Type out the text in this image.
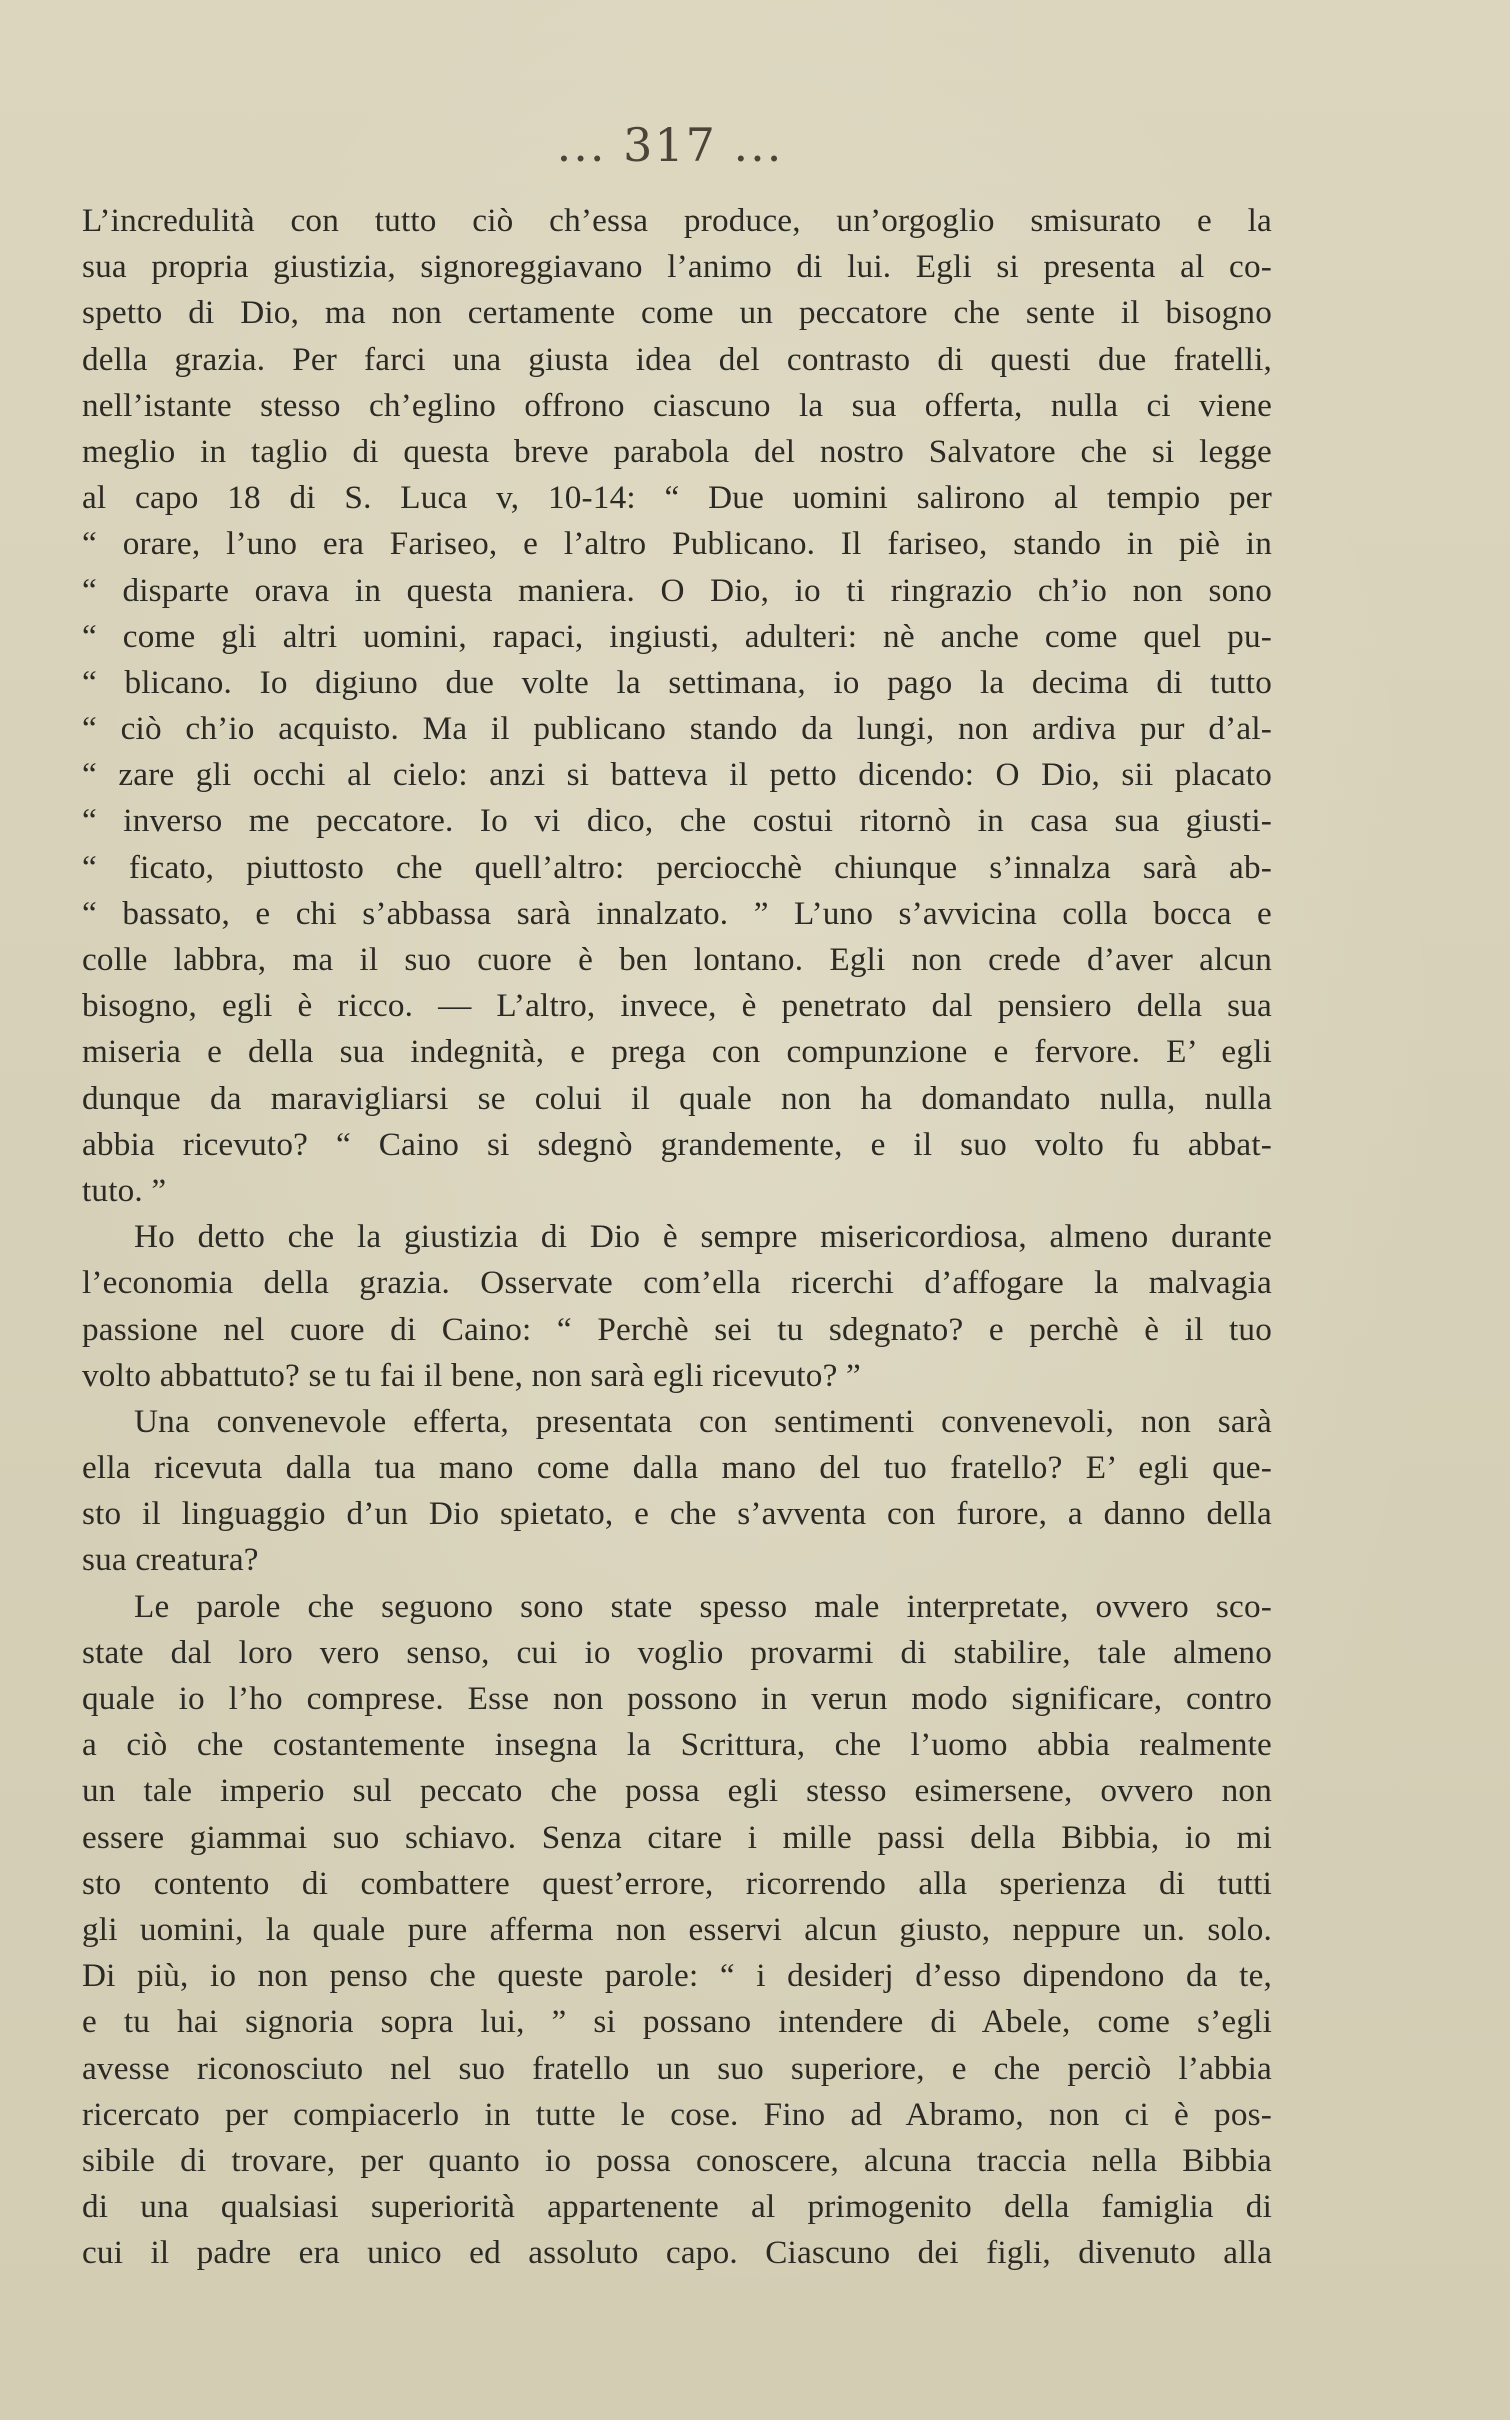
... 317 ...
L’incredulità con tutto ciò ch’essa produce, un’orgoglio smisurato e la
sua propria giustizia, signoreggiavano l’animo di lui. Egli si presenta al co-
spetto di Dio, ma non certamente come un peccatore che sente il bisogno
della grazia. Per farci una giusta idea del contrasto di questi due fratelli,
nell’istante stesso ch’eglino offrono ciascuno la sua offerta, nulla ci viene
meglio in taglio di questa breve parabola del nostro Salvatore che si legge
al capo 18 di S. Luca v, 10-14: “ Due uomini salirono al tempio per
“ orare, l’uno era Fariseo, e l’altro Publicano. Il fariseo, stando in piè in
“ disparte orava in questa maniera. O Dio, io ti ringrazio ch’io non sono
“ come gli altri uomini, rapaci, ingiusti, adulteri: nè anche come quel pu-
“ blicano. Io digiuno due volte la settimana, io pago la decima di tutto
“ ciò ch’io acquisto. Ma il publicano stando da lungi, non ardiva pur d’al-
“ zare gli occhi al cielo: anzi si batteva il petto dicendo: O Dio, sii placato
“ inverso me peccatore. Io vi dico, che costui ritornò in casa sua giusti-
“ ficato, piuttosto che quell’altro: perciocchè chiunque s’innalza sarà ab-
“ bassato, e chi s’abbassa sarà innalzato. ” L’uno s’avvicina colla bocca e
colle labbra, ma il suo cuore è ben lontano. Egli non crede d’aver alcun
bisogno, egli è ricco. — L’altro, invece, è penetrato dal pensiero della sua
miseria e della sua indegnità, e prega con compunzione e fervore. E’ egli
dunque da maravigliarsi se colui il quale non ha domandato nulla, nulla
abbia ricevuto? “ Caino si sdegnò grandemente, e il suo volto fu abbat-
tuto. ”
Ho detto che la giustizia di Dio è sempre misericordiosa, almeno durante
l’economia della grazia. Osservate com’ella ricerchi d’affogare la malvagia
passione nel cuore di Caino: “ Perchè sei tu sdegnato? e perchè è il tuo
volto abbattuto? se tu fai il bene, non sarà egli ricevuto? ”
Una convenevole efferta, presentata con sentimenti convenevoli, non sarà
ella ricevuta dalla tua mano come dalla mano del tuo fratello? E’ egli que-
sto il linguaggio d’un Dio spietato, e che s’avventa con furore, a danno della
sua creatura?
Le parole che seguono sono state spesso male interpretate, ovvero sco-
state dal loro vero senso, cui io voglio provarmi di stabilire, tale almeno
quale io l’ho comprese. Esse non possono in verun modo significare, contro
a ciò che costantemente insegna la Scrittura, che l’uomo abbia realmente
un tale imperio sul peccato che possa egli stesso esimersene, ovvero non
essere giammai suo schiavo. Senza citare i mille passi della Bibbia, io mi
sto contento di combattere quest’errore, ricorrendo alla sperienza di tutti
gli uomini, la quale pure afferma non esservi alcun giusto, neppure un. solo.
Di più, io non penso che queste parole: “ i desiderj d’esso dipendono da te,
e tu hai signoria sopra lui, ” si possano intendere di Abele, come s’egli
avesse riconosciuto nel suo fratello un suo superiore, e che perciò l’abbia
ricercato per compiacerlo in tutte le cose. Fino ad Abramo, non ci è pos-
sibile di trovare, per quanto io possa conoscere, alcuna traccia nella Bibbia
di una qualsiasi superiorità appartenente al primogenito della famiglia di
cui il padre era unico ed assoluto capo. Ciascuno dei figli, divenuto alla
